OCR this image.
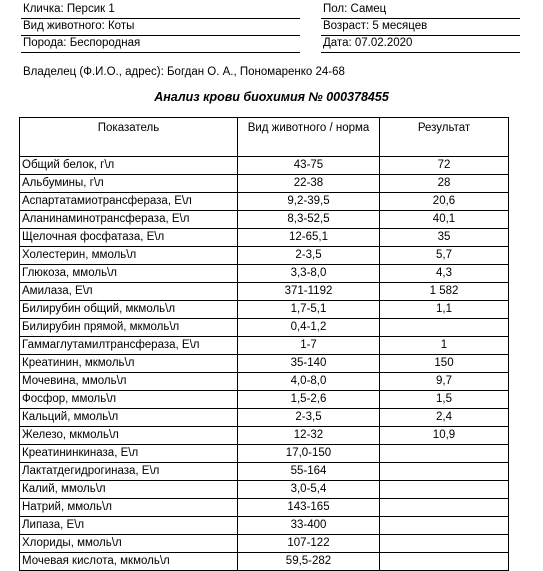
Кличка: Персик 1	Пол: Самец
Вид животного: Коты	Возраст: 5 месяцев
Порода: Беспородная	Дата: 07.02.2020
Владелец (Ф.И.О., адрес): Богдан О. А., Пономаренко 24-68
Анализ крови биохимия № 000378455
Показатель	Вид животного / норма	Результат
Общий белок, г\л	43-75	72
Альбумины, г\л	22-38	28
Аспартатамиотрансфераза, Е\л	9,2-39,5	20,6
Аланинаминотрансфераза, Е\л	8,3-52,5	40,1
Щелочная фосфатаза, Е\л	12-65,1	35
Холестерин, ммоль\л	2-3,5	5,7
Глюкоза, ммоль\л	3,3-8,0	4,3
Амилаза, Е\л	371-1192	1 582
Билирубин общий, мкмоль\л	1,7-5,1	1,1
Билирубин прямой, мкмоль\л	0,4-1,2	
Гаммаглутамилтрансфераза, Е\л	1-7	1
Креатинин, мкмоль\л	35-140	150
Мочевина, ммоль\л	4,0-8,0	9,7
Фосфор, ммоль\л	1,5-2,6	1,5
Кальций, ммоль\л	2-3,5	2,4
Железо, мкмоль\л	12-32	10,9
Креатининкиназа, Е\л	17,0-150	
Лактатдегидрогиназа, Е\л	55-164	
Калий, ммоль\л	3,0-5,4	
Натрий, ммоль\л	143-165	
Липаза, Е\л	33-400	
Хлориды, ммоль\л	107-122	
Мочевая кислота, мкмоль\л	59,5-282	
